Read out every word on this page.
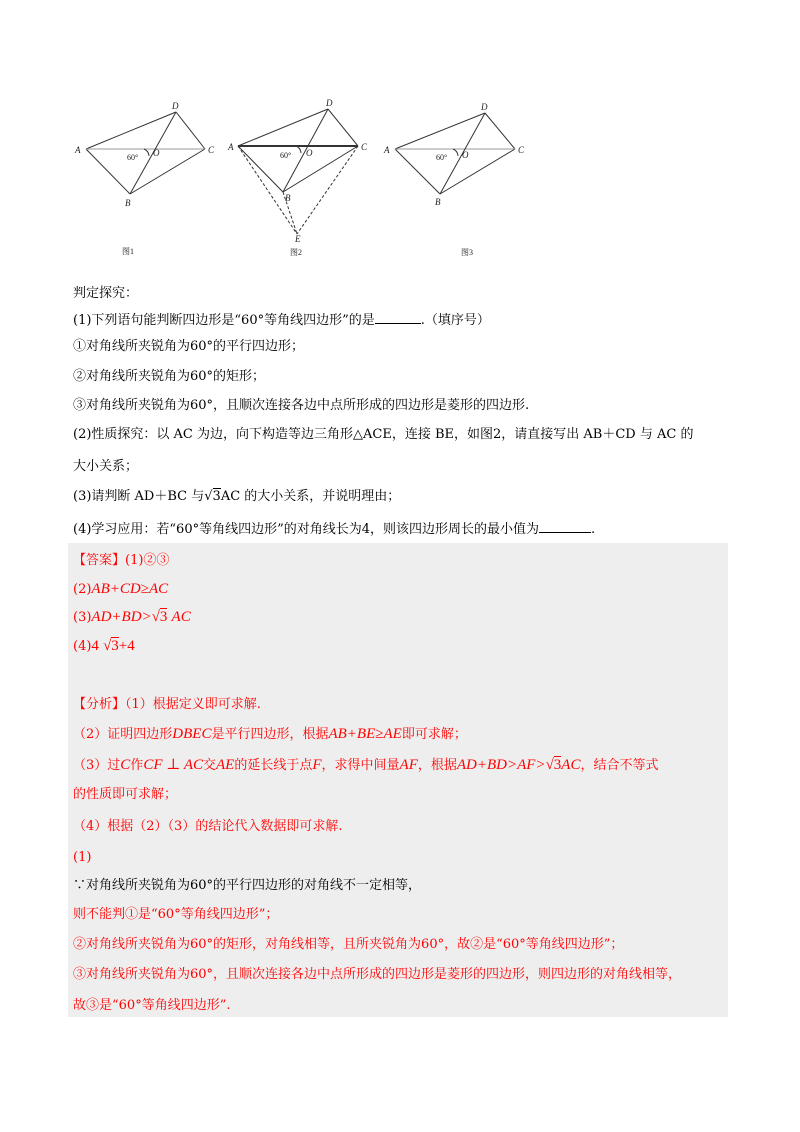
A
D
C
B
O
60°
图1
A
D
C
B
O
E
60°
图2
A
D
C
B
O
60°
图3
判定探究：
(1)下列语句能判断四边形是“60°等角线四边形”的是	.（填序号）
①对角线所夹锐角为60°的平行四边形；
②对角线所夹锐角为60°的矩形；
③对角线所夹锐角为60°，且顺次连接各边中点所形成的四边形是菱形的四边形.
(2)性质探究：以 AC 为边，向下构造等边三角形△ACE，连接 BE，如图2，请直接写出 AB＋CD 与 AC 的
大小关系；
(3)请判断 AD＋BC 与√3AC 的大小关系，并说明理由；
(4)学习应用：若“60°等角线四边形”的对角线长为4，则该四边形周长的最小值为	.
【答案】(1)②③
(2)AB+CD≥AC
(3)AD+BD>√3 AC
(4)4 √3+4
【分析】（1）根据定义即可求解.
（2）证明四边形DBEC是平行四边形，根据AB+BE≥AE即可求解；
（3）过C作CF ⊥ AC交AE的延长线于点F，求得中间量AF，根据AD+BD>AF>√3AC，结合不等式
的性质即可求解；
（4）根据（2）（3）的结论代入数据即可求解.
(1)
∵对角线所夹锐角为60°的平行四边形的对角线不一定相等，
则不能判①是“60°等角线四边形”；
②对角线所夹锐角为60°的矩形，对角线相等，且所夹锐角为60°，故②是“60°等角线四边形”；
③对角线所夹锐角为60°，且顺次连接各边中点所形成的四边形是菱形的四边形，则四边形的对角线相等，
故③是“60°等角线四边形”.
